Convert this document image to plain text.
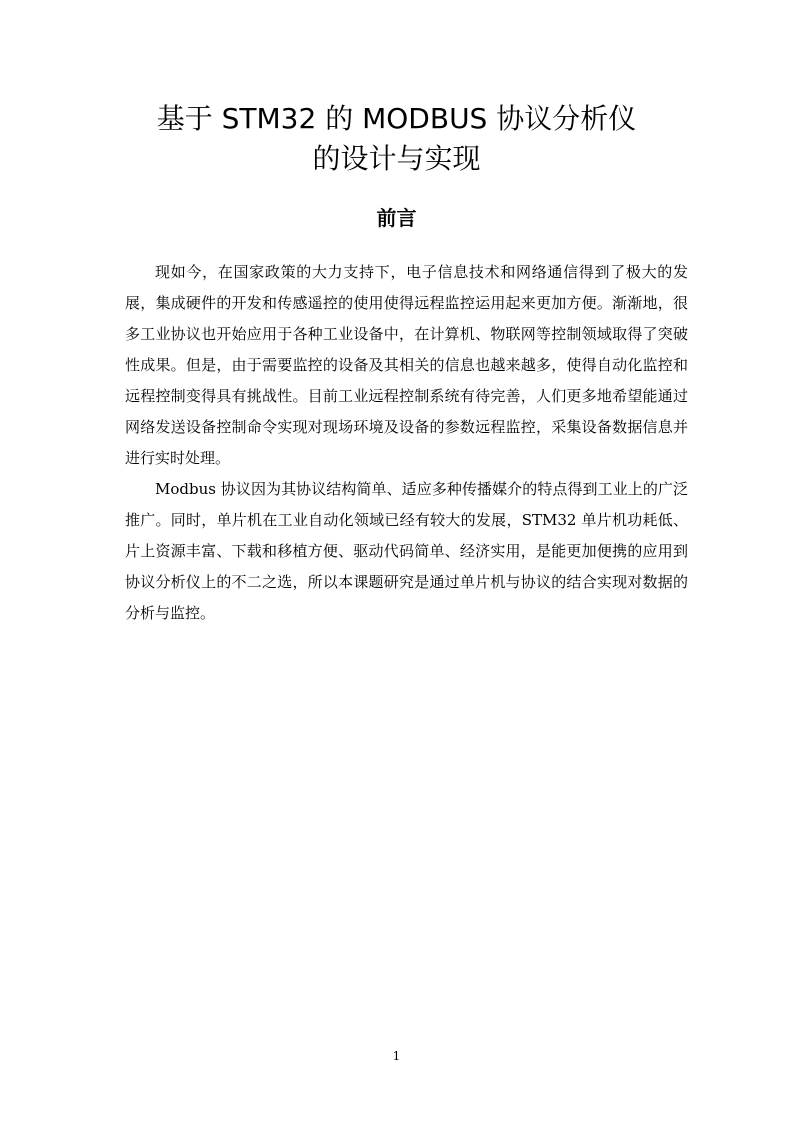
基于 STM32 的 MODBUS 协议分析仪
的设计与实现
前言

现如今，在国家政策的大力支持下，电子信息技术和网络通信得到了极大的发展，集成硬件的开发和传感遥控的使用使得远程监控运用起来更加方便。渐渐地，很多工业协议也开始应用于各种工业设备中，在计算机、物联网等控制领域取得了突破性成果。但是，由于需要监控的设备及其相关的信息也越来越多，使得自动化监控和远程控制变得具有挑战性。目前工业远程控制系统有待完善，人们更多地希望能通过网络发送设备控制命令实现对现场环境及设备的参数远程监控，采集设备数据信息并进行实时处理。

Modbus 协议因为其协议结构简单、适应多种传播媒介的特点得到工业上的广泛推广。同时，单片机在工业自动化领域已经有较大的发展，STM32 单片机功耗低、片上资源丰富、下载和移植方便、驱动代码简单、经济实用，是能更加便携的应用到协议分析仪上的不二之选，所以本课题研究是通过单片机与协议的结合实现对数据的分析与监控。

1
